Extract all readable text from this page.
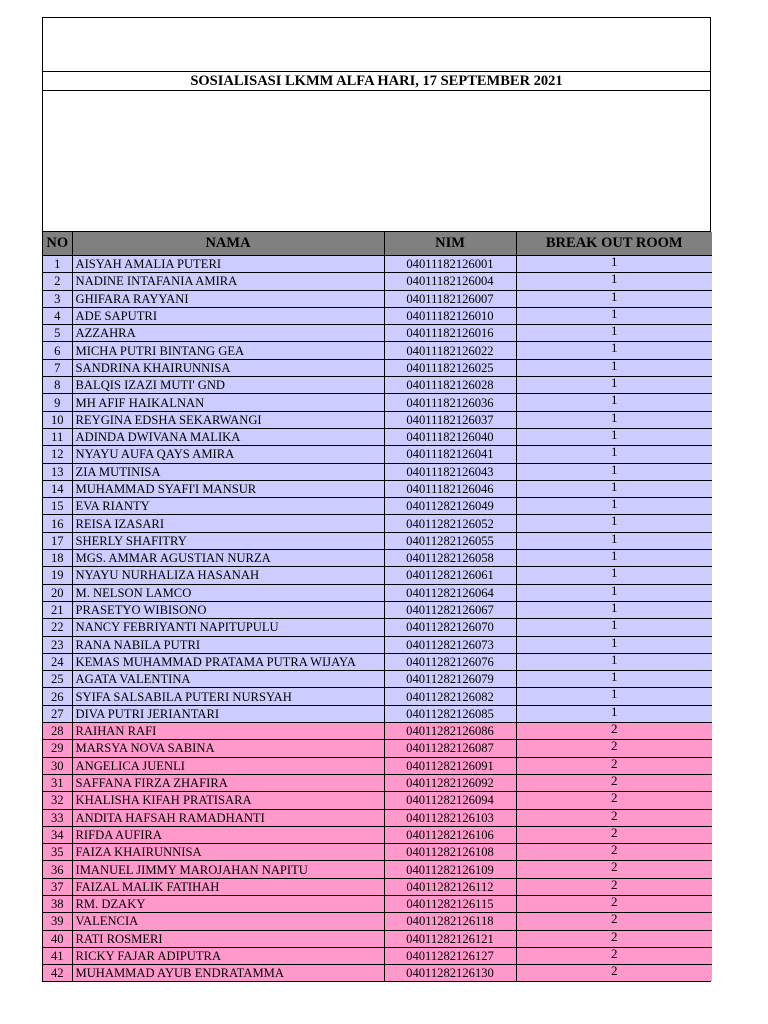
SOSIALISASI LKMM ALFA HARI, 17 SEPTEMBER 2021
NO	NAMA	NIM	BREAK OUT ROOM
1	AISYAH AMALIA PUTERI	04011182126001	1
2	NADINE INTAFANIA AMIRA	04011182126004	1
3	GHIFARA RAYYANI	04011182126007	1
4	ADE SAPUTRI	04011182126010	1
5	AZZAHRA	04011182126016	1
6	MICHA PUTRI BINTANG GEA	04011182126022	1
7	SANDRINA KHAIRUNNISA	04011182126025	1
8	BALQIS IZAZI MUTI' GND	04011182126028	1
9	MH AFIF HAIKALNAN	04011182126036	1
10	REYGINA EDSHA SEKARWANGI	04011182126037	1
11	ADINDA DWIVANA MALIKA	04011182126040	1
12	NYAYU AUFA QAYS AMIRA	04011182126041	1
13	ZIA MUTINISA	04011182126043	1
14	MUHAMMAD SYAFI'I MANSUR	04011182126046	1
15	EVA RIANTY	04011282126049	1
16	REISA IZASARI	04011282126052	1
17	SHERLY SHAFITRY	04011282126055	1
18	MGS. AMMAR AGUSTIAN NURZA	04011282126058	1
19	NYAYU NURHALIZA HASANAH	04011282126061	1
20	M. NELSON LAMCO	04011282126064	1
21	PRASETYO WIBISONO	04011282126067	1
22	NANCY FEBRIYANTI NAPITUPULU	04011282126070	1
23	RANA NABILA PUTRI	04011282126073	1
24	KEMAS MUHAMMAD PRATAMA PUTRA WIJAYA	04011282126076	1
25	AGATA VALENTINA	04011282126079	1
26	SYIFA SALSABILA PUTERI NURSYAH	04011282126082	1
27	DIVA PUTRI JERIANTARI	04011282126085	1
28	RAIHAN RAFI	04011282126086	2
29	MARSYA NOVA SABINA	04011282126087	2
30	ANGELICA JUENLI	04011282126091	2
31	SAFFANA FIRZA ZHAFIRA	04011282126092	2
32	KHALISHA KIFAH PRATISARA	04011282126094	2
33	ANDITA HAFSAH RAMADHANTI	04011282126103	2
34	RIFDA AUFIRA	04011282126106	2
35	FAIZA KHAIRUNNISA	04011282126108	2
36	IMANUEL JIMMY MAROJAHAN NAPITU	04011282126109	2
37	FAIZAL MALIK FATIHAH	04011282126112	2
38	RM. DZAKY	04011282126115	2
39	VALENCIA	04011282126118	2
40	RATI ROSMERI	04011282126121	2
41	RICKY FAJAR ADIPUTRA	04011282126127	2
42	MUHAMMAD AYUB ENDRATAMMA	04011282126130	2
